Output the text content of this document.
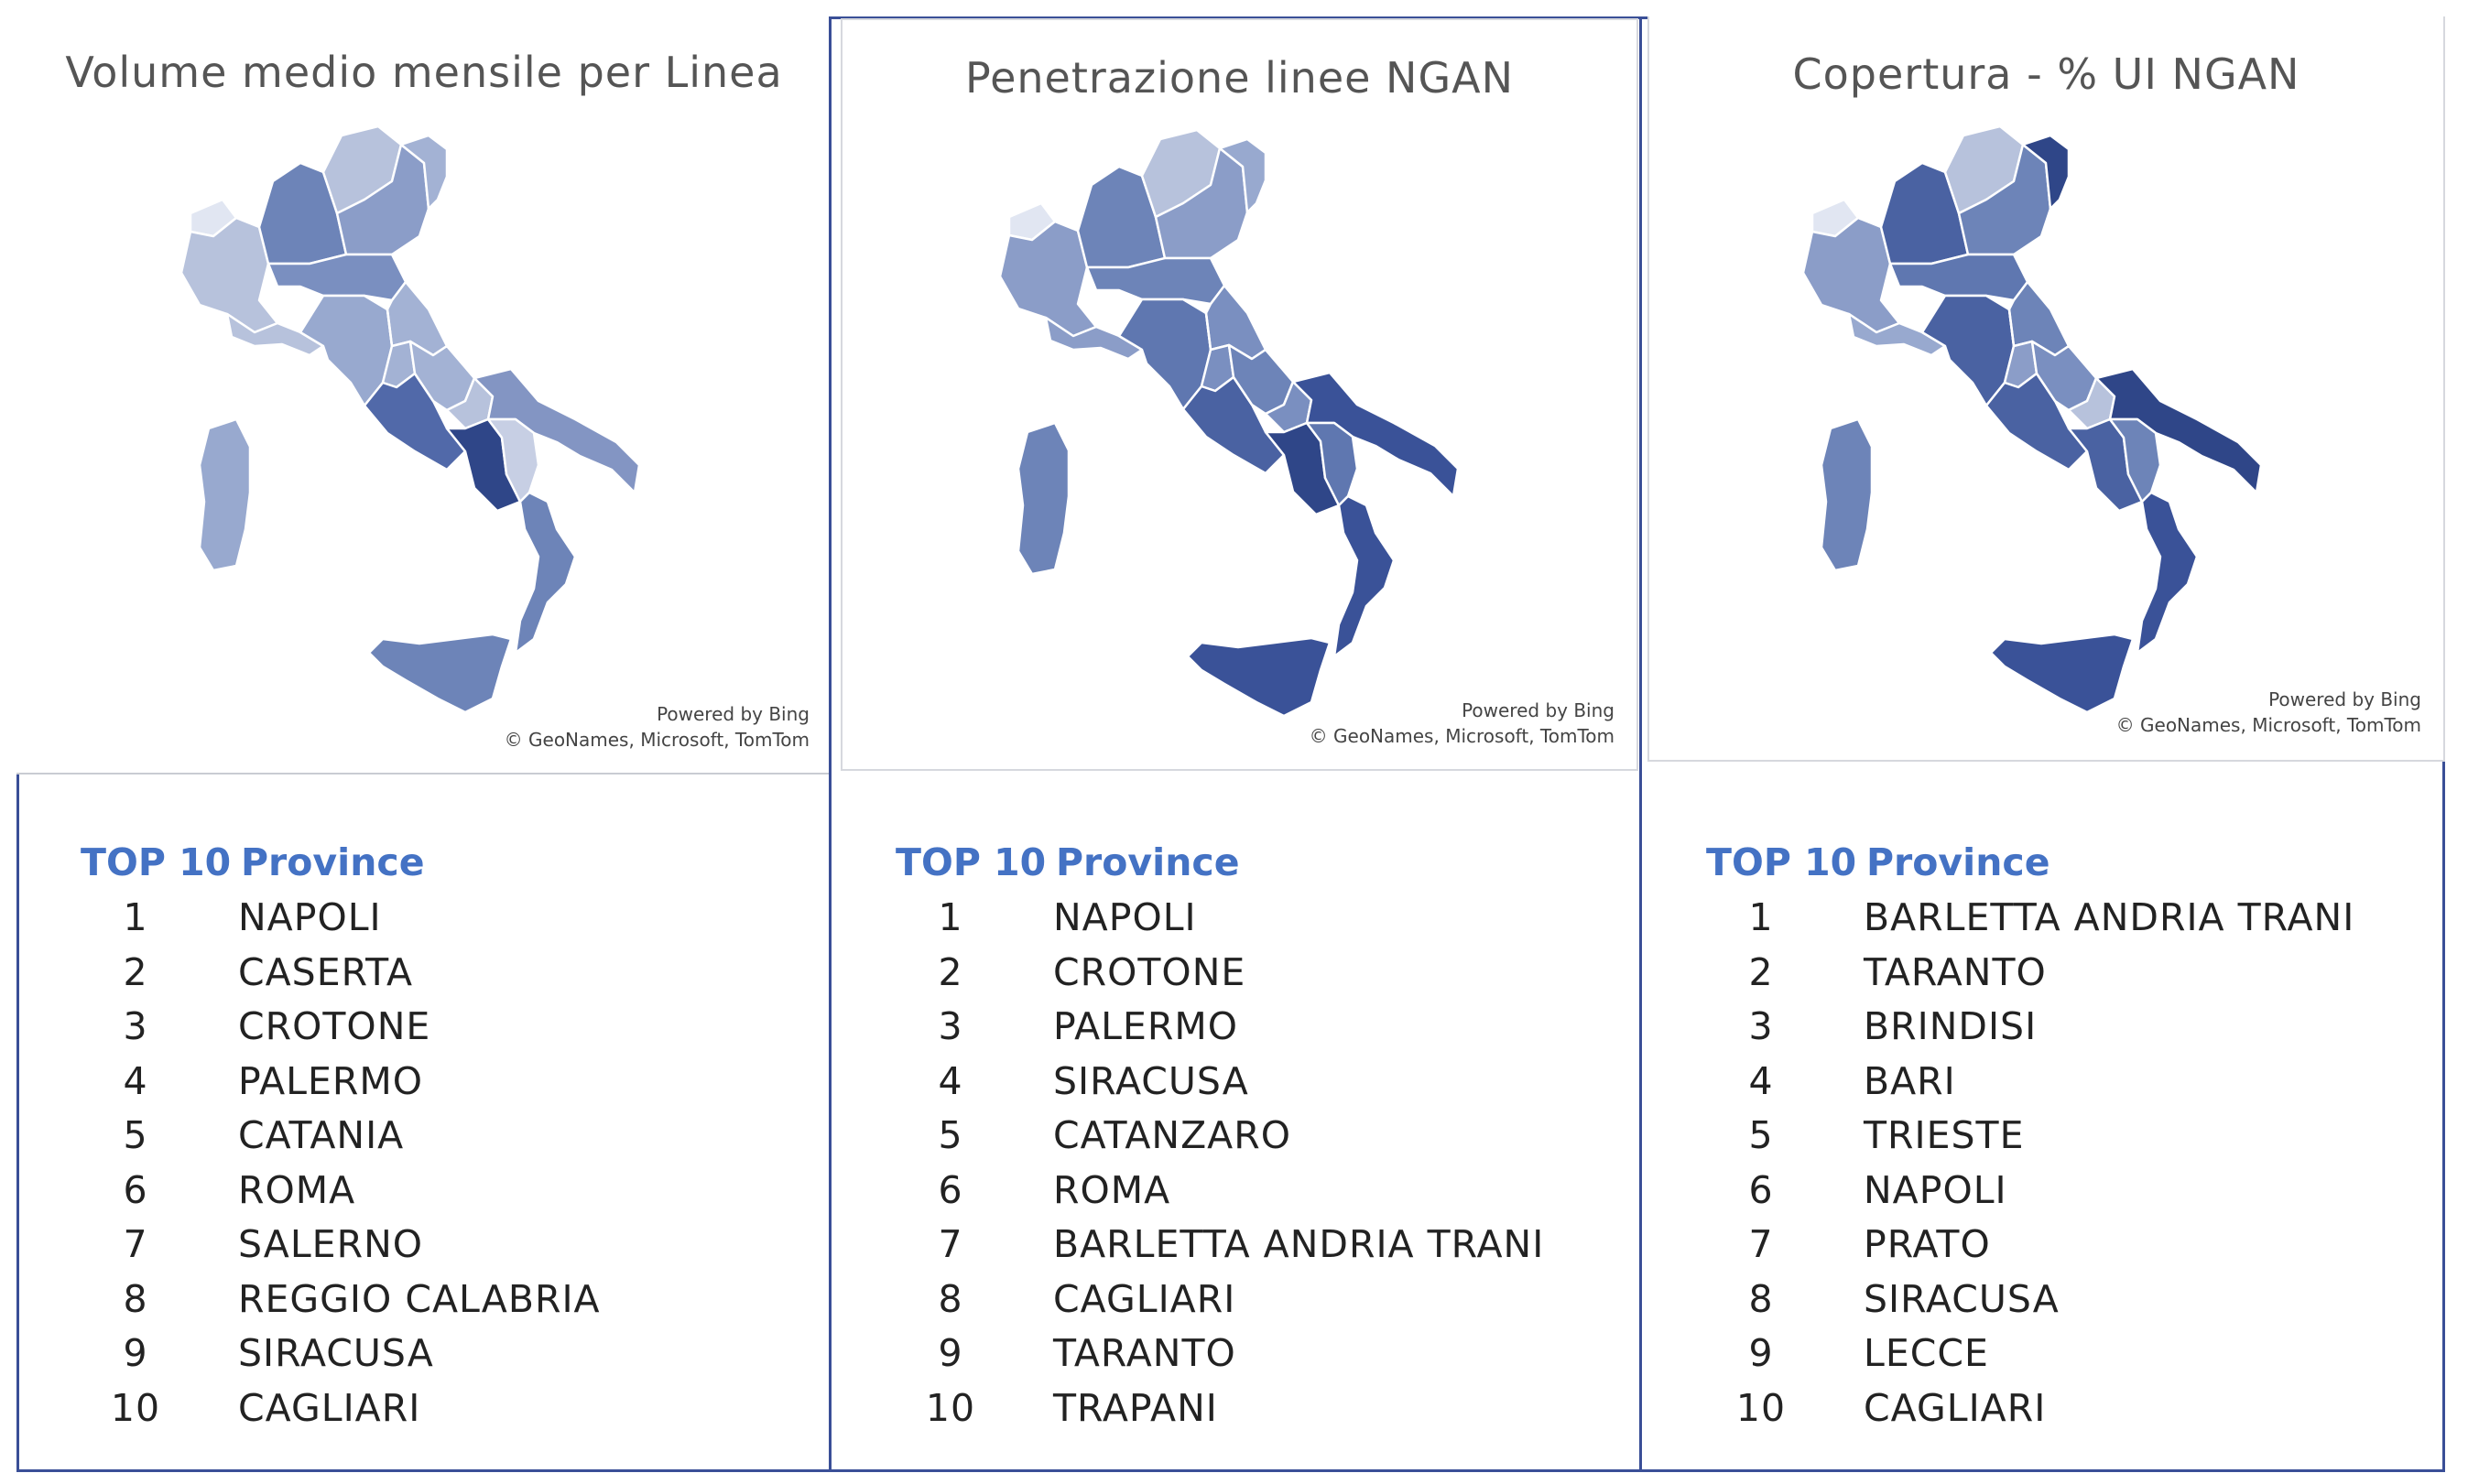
Volume medio mensile per Linea
Powered by Bing
© GeoNames, Microsoft, TomTom
TOP 10 Province
1 NAPOLI
2 CASERTA
3 CROTONE
4 PALERMO
5 CATANIA
6 ROMA
7 SALERNO
8 REGGIO CALABRIA
9 SIRACUSA
10 CAGLIARI
Penetrazione linee NGAN
Powered by Bing
© GeoNames, Microsoft, TomTom
TOP 10 Province
1 NAPOLI
2 CROTONE
3 PALERMO
4 SIRACUSA
5 CATANZARO
6 ROMA
7 BARLETTA ANDRIA TRANI
8 CAGLIARI
9 TARANTO
10 TRAPANI
Copertura - % UI NGAN
Powered by Bing
© GeoNames, Microsoft, TomTom
TOP 10 Province
1 BARLETTA ANDRIA TRANI
2 TARANTO
3 BRINDISI
4 BARI
5 TRIESTE
6 NAPOLI
7 PRATO
8 SIRACUSA
9 LECCE
10 CAGLIARI
